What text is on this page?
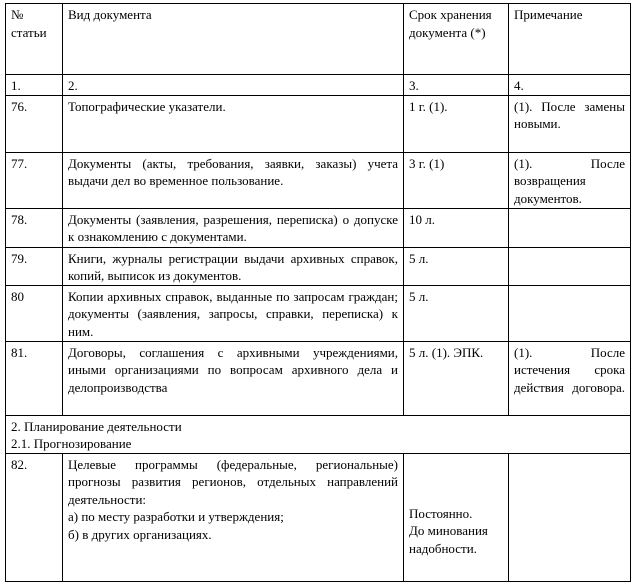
№ статьи	Вид документа	Срок хранения документа (*)	Примечание
1.	2.	3.	4.
76.	Топографические указатели.	1 г. (1).	(1). После замены новыми.
77.	Документы (акты, требования, заявки, заказы) учета выдачи дел во временное пользование.	3 г. (1)	(1). После возвращения документов.
78.	Документы (заявления, разрешения, переписка) о допуске к ознакомлению с документами.	10 л.	
79.	Книги, журналы регистрации выдачи архивных справок, копий, выписок из документов.	5 л.	
80	Копии архивных справок, выданные по запросам граждан; документы (заявления, запросы, справки, переписка) к ним.	5 л.	
81.	Договоры, соглашения с архивными учреждениями, иными организациями по вопросам архивного дела и делопроизводства	5 л. (1). ЭПК.	(1). После истечения срока действия договора.

2. Планирование деятельности
2.1. Прогнозирование			

82.	Целевые программы (федеральные, региональные) прогнозы развития регионов, отдельных направлений деятельности:
а) по месту разработки и утверждения;
б) в других организациях.	Постоянно.
До минования надобности.	
